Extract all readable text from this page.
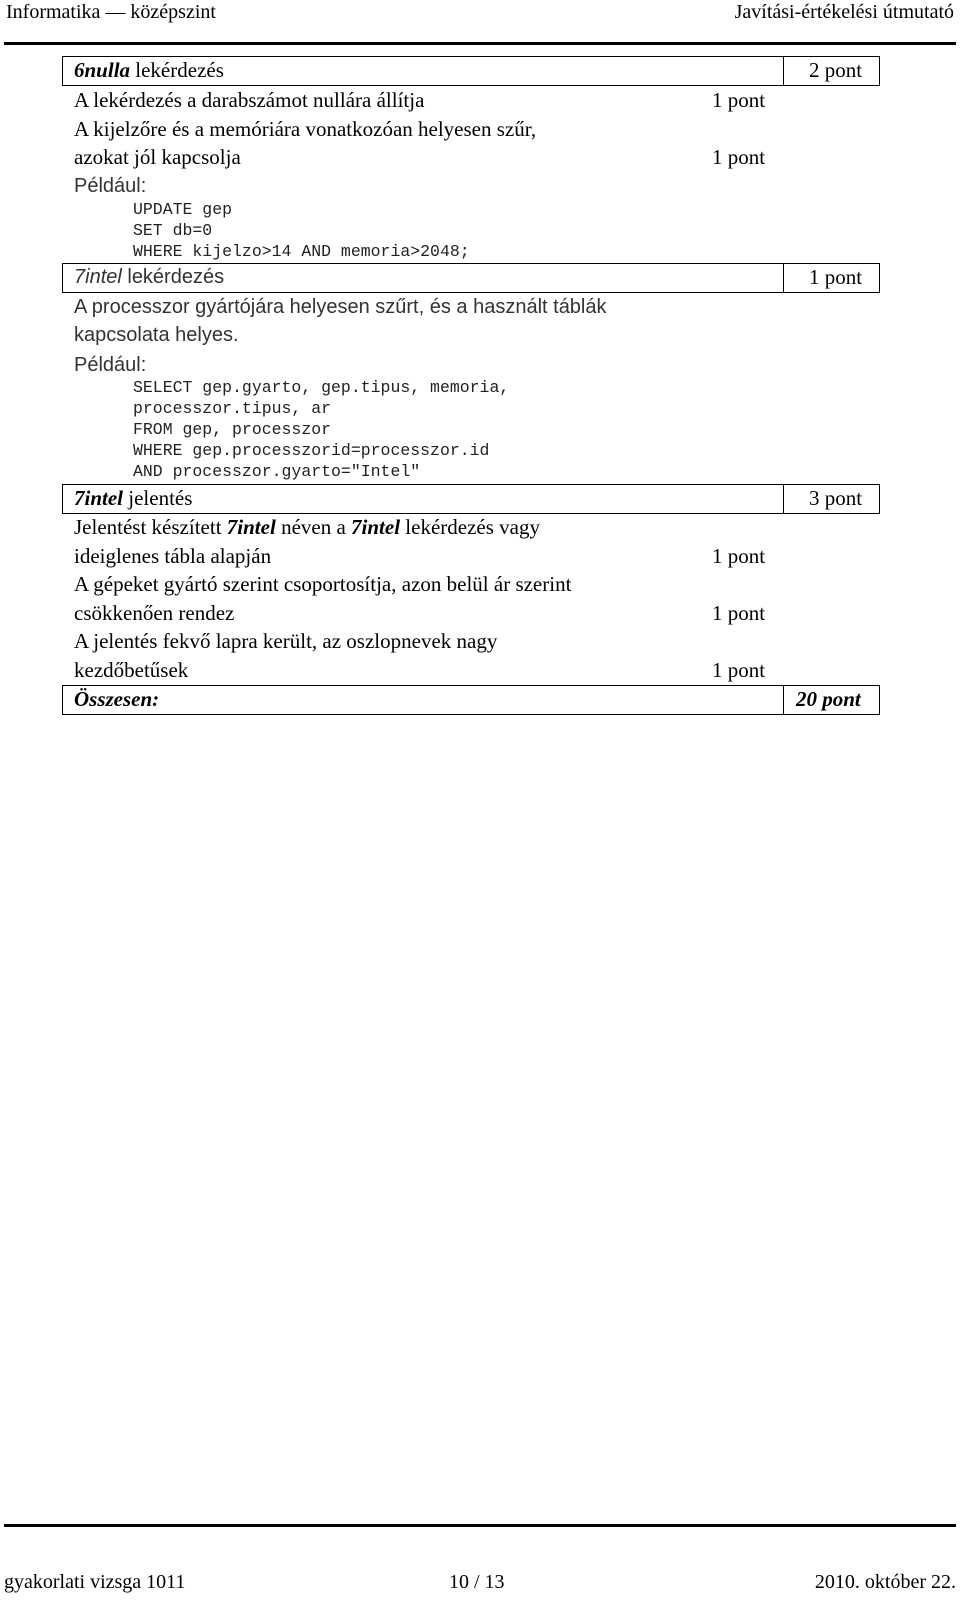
Informatika — középszint	Javítási-értékelési útmutató
6nulla lekérdezés	2 pont
A lekérdezés a darabszámot nullára állítja	1 pont
A kijelzőre és a memóriára vonatkozóan helyesen szűr,
azokat jól kapcsolja	1 pont
Például:
UPDATE gep
SET db=0
WHERE kijelzo>14 AND memoria>2048;
7intel lekérdezés	1 pont
A processzor gyártójára helyesen szűrt, és a használt táblák
kapcsolata helyes.
Például:
SELECT gep.gyarto, gep.tipus, memoria,
processzor.tipus, ar
FROM gep, processzor
WHERE gep.processzorid=processzor.id
AND processzor.gyarto="Intel"
7intel jelentés	3 pont
Jelentést készített 7intel néven a 7intel lekérdezés vagy
ideiglenes tábla alapján	1 pont
A gépeket gyártó szerint csoportosítja, azon belül ár szerint
csökkenően rendez	1 pont
A jelentés fekvő lapra került, az oszlopnevek nagy
kezdőbetűsek	1 pont
Összesen:	20 pont
gyakorlati vizsga 1011	10 / 13	2010. október 22.
